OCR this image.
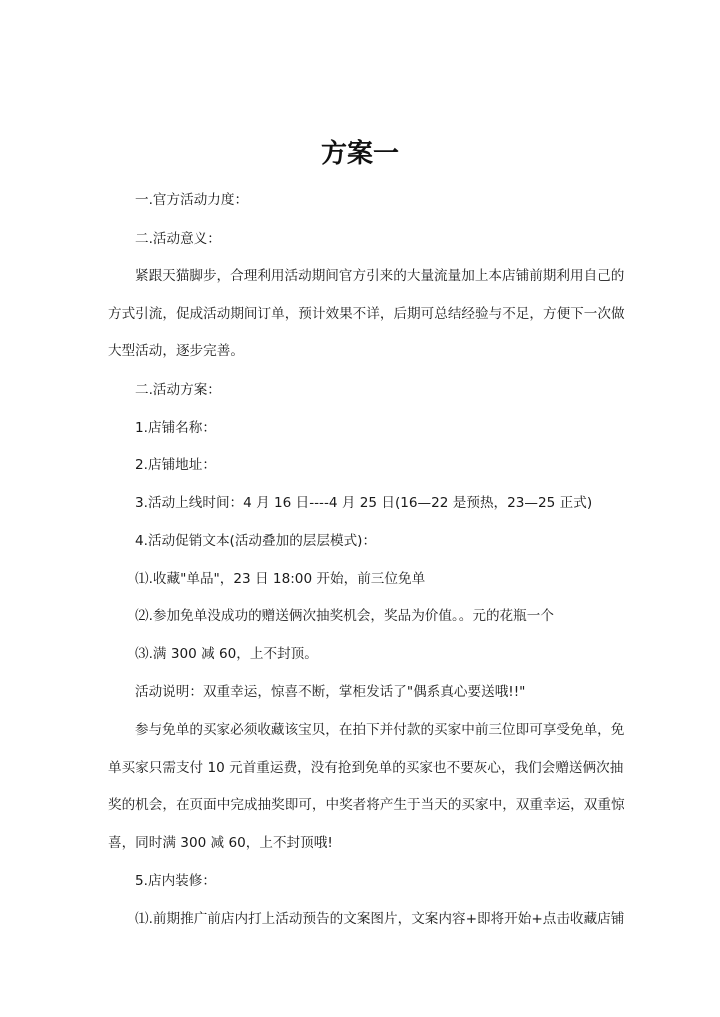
方案一
一.官方活动力度：
二.活动意义：
紧跟天猫脚步，合理利用活动期间官方引来的大量流量加上本店铺前期利用自己的
方式引流，促成活动期间订单，预计效果不详，后期可总结经验与不足，方便下一次做
大型活动，逐步完善。
二.活动方案：
1.店铺名称：
2.店铺地址：
3.活动上线时间：4 月 16 日----4 月 25 日(16—22 是预热，23—25 正式)
4.活动促销文本(活动叠加的层层模式)：
⑴.收藏"单品"，23 日 18:00 开始，前三位免单
⑵.参加免单没成功的赠送俩次抽奖机会，奖品为价值。。元的花瓶一个
⑶.满 300 减 60，上不封顶。
活动说明：双重幸运，惊喜不断，掌柜发话了"偶系真心要送哦!!"
参与免单的买家必须收藏该宝贝，在拍下并付款的买家中前三位即可享受免单，免
单买家只需支付 10 元首重运费，没有抢到免单的买家也不要灰心，我们会赠送俩次抽
奖的机会，在页面中完成抽奖即可，中奖者将产生于当天的买家中，双重幸运，双重惊
喜，同时满 300 减 60，上不封顶哦!
5.店内装修：
⑴.前期推广前店内打上活动预告的文案图片，文案内容+即将开始+点击收藏店铺
